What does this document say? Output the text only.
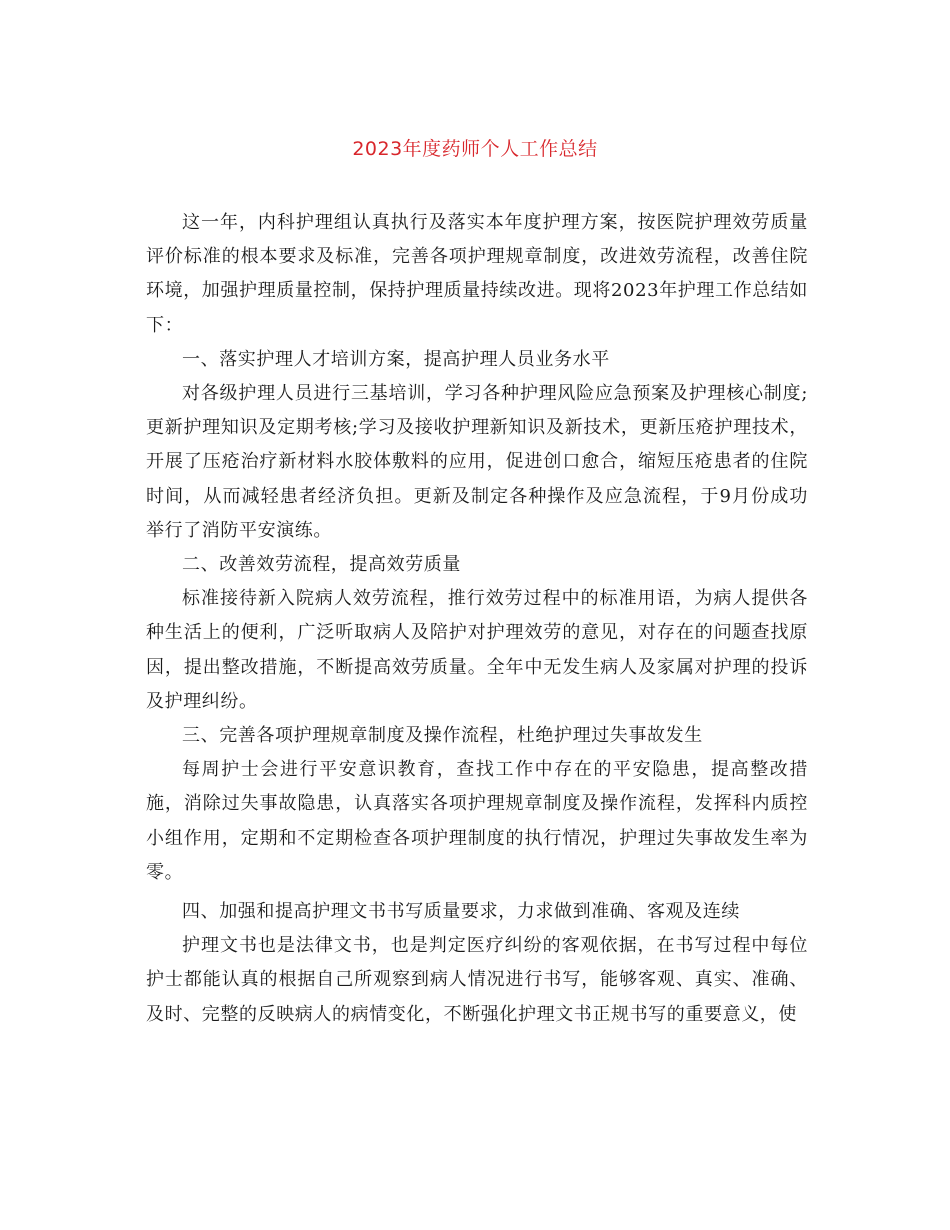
2023年度药师个人工作总结

这一年，内科护理组认真执行及落实本年度护理方案，按医院护理效劳质量评价标准的根本要求及标准，完善各项护理规章制度，改进效劳流程，改善住院环境，加强护理质量控制，保持护理质量持续改进。现将2023年护理工作总结如下：

一、落实护理人才培训方案，提高护理人员业务水平

对各级护理人员进行三基培训，学习各种护理风险应急预案及护理核心制度;更新护理知识及定期考核;学习及接收护理新知识及新技术，更新压疮护理技术，开展了压疮治疗新材料水胶体敷料的应用，促进创口愈合，缩短压疮患者的住院时间，从而减轻患者经济负担。更新及制定各种操作及应急流程，于9月份成功举行了消防平安演练。

二、改善效劳流程，提高效劳质量

标准接待新入院病人效劳流程，推行效劳过程中的标准用语，为病人提供各种生活上的便利，广泛听取病人及陪护对护理效劳的意见，对存在的问题查找原因，提出整改措施，不断提高效劳质量。全年中无发生病人及家属对护理的投诉及护理纠纷。

三、完善各项护理规章制度及操作流程，杜绝护理过失事故发生

每周护士会进行平安意识教育，查找工作中存在的平安隐患，提高整改措施，消除过失事故隐患，认真落实各项护理规章制度及操作流程，发挥科内质控小组作用，定期和不定期检查各项护理制度的执行情况，护理过失事故发生率为零。

四、加强和提高护理文书书写质量要求，力求做到准确、客观及连续

护理文书也是法律文书，也是判定医疗纠纷的客观依据，在书写过程中每位护士都能认真的根据自己所观察到病人情况进行书写，能够客观、真实、准确、及时、完整的反映病人的病情变化，不断强化护理文书正规书写的重要意义，使
